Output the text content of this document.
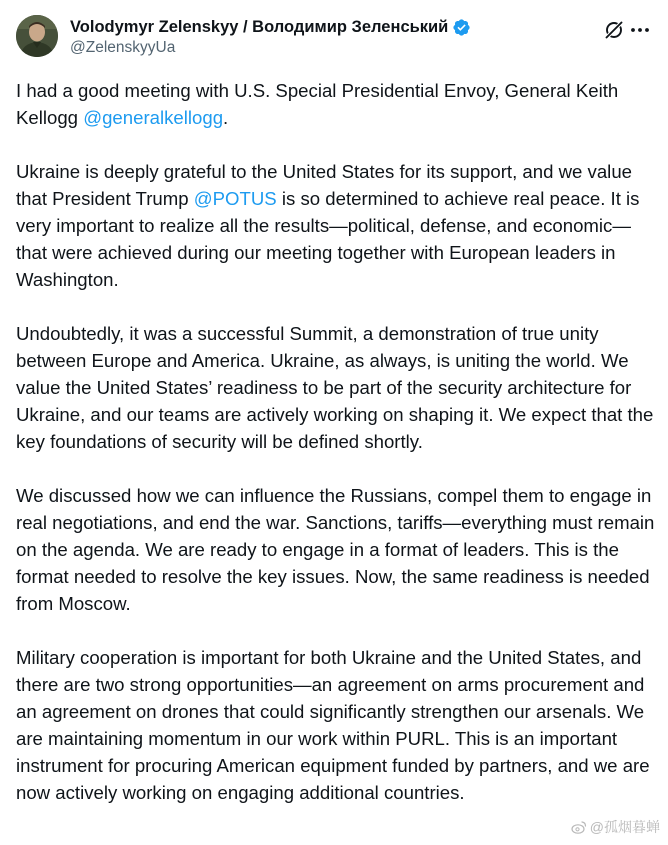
Volodymyr Zelenskyy / Володимир Зеленський
@ZelenskyyUa

I had a good meeting with U.S. Special Presidential Envoy, General Keith Kellogg @generalkellogg.

Ukraine is deeply grateful to the United States for its support, and we value that President Trump @POTUS is so determined to achieve real peace. It is very important to realize all the results—political, defense, and economic—that were achieved during our meeting together with European leaders in Washington.

Undoubtedly, it was a successful Summit, a demonstration of true unity between Europe and America. Ukraine, as always, is uniting the world. We value the United States’ readiness to be part of the security architecture for Ukraine, and our teams are actively working on shaping it. We expect that the key foundations of security will be defined shortly.

We discussed how we can influence the Russians, compel them to engage in real negotiations, and end the war. Sanctions, tariffs—everything must remain on the agenda. We are ready to engage in a format of leaders. This is the format needed to resolve the key issues. Now, the same readiness is needed from Moscow.

Military cooperation is important for both Ukraine and the United States, and there are two strong opportunities—an agreement on arms procurement and an agreement on drones that could significantly strengthen our arsenals. We are maintaining momentum in our work within PURL. This is an important instrument for procuring American equipment funded by partners, and we are now actively working on engaging additional countries.

@孤烟暮蝉
